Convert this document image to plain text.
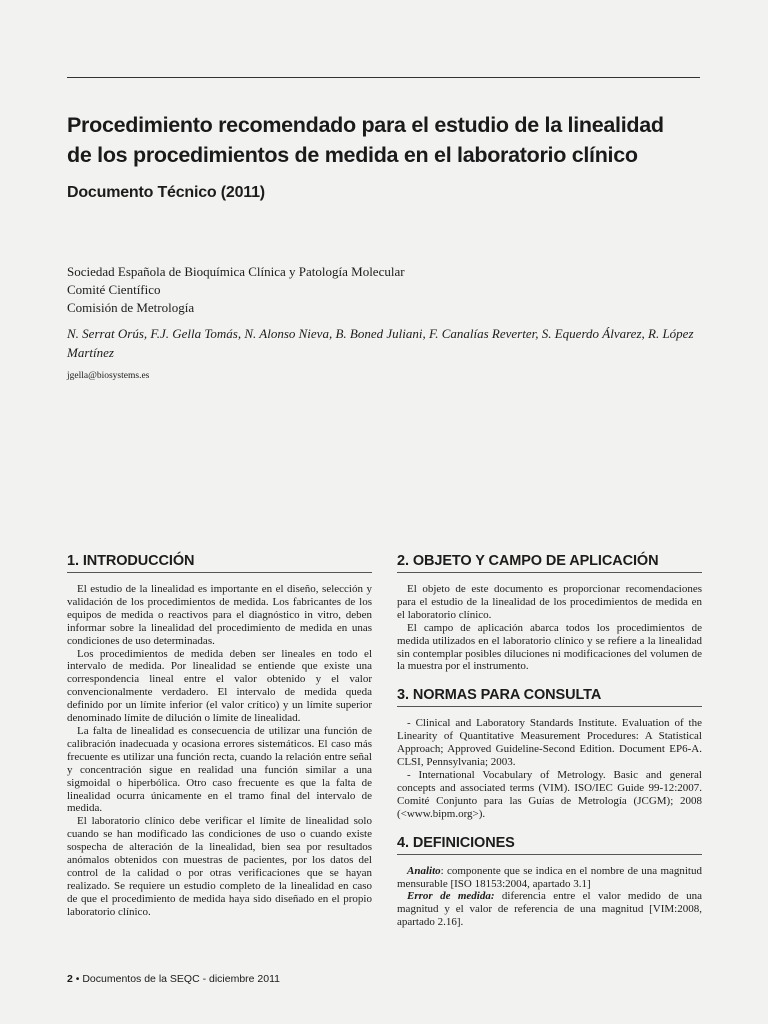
Procedimiento recomendado para el estudio de la linealidad
de los procedimientos de medida en el laboratorio clínico
Documento Técnico (2011)
Sociedad Española de Bioquímica Clínica y Patología Molecular
Comité Científico
Comisión de Metrología
N. Serrat Orús, F.J. Gella Tomás, N. Alonso Nieva, B. Boned Juliani, F. Canalías Reverter, S. Equerdo Álvarez, R. López Martínez
jgella@biosystems.es
1. INTRODUCCIÓN

El estudio de la linealidad es importante en el diseño, selección y validación de los procedimientos de medida. Los fabricantes de los equipos de medida o reactivos para el diagnóstico in vitro, deben informar sobre la linealidad del procedimiento de medida en unas condiciones de uso determinadas.

Los procedimientos de medida deben ser lineales en todo el intervalo de medida. Por linealidad se entiende que existe una correspondencia lineal entre el valor obtenido y el valor convencionalmente verdadero. El intervalo de medida queda definido por un límite inferior (el valor crítico) y un límite superior denominado límite de dilución o límite de linealidad.

La falta de linealidad es consecuencia de utilizar una función de calibración inadecuada y ocasiona errores sistemáticos. El caso más frecuente es utilizar una función recta, cuando la relación entre señal y concentración sigue en realidad una función similar a una sigmoidal o hiperbólica. Otro caso frecuente es que la falta de linealidad ocurra únicamente en el tramo final del intervalo de medida.

El laboratorio clínico debe verificar el límite de linealidad solo cuando se han modificado las condiciones de uso o cuando existe sospecha de alteración de la linealidad, bien sea por resultados anómalos obtenidos con muestras de pacientes, por los datos del control de la calidad o por otras verificaciones que se hayan realizado. Se requiere un estudio completo de la linealidad en caso de que el procedimiento de medida haya sido diseñado en el propio laboratorio clínico.

2. OBJETO Y CAMPO DE APLICACIÓN

El objeto de este documento es proporcionar recomendaciones para el estudio de la linealidad de los procedimientos de medida en el laboratorio clínico.

El campo de aplicación abarca todos los procedimientos de medida utilizados en el laboratorio clínico y se refiere a la linealidad sin contemplar posibles diluciones ni modificaciones del volumen de la muestra por el instrumento.

3. NORMAS PARA CONSULTA

- Clinical and Laboratory Standards Institute. Evaluation of the Linearity of Quantitative Measurement Procedures: A Statistical Approach; Approved Guideline-Second Edition. Document EP6-A. CLSI, Pennsylvania; 2003.

- International Vocabulary of Metrology. Basic and general concepts and associated terms (VIM). ISO/IEC Guide 99-12:2007. Comité Conjunto para las Guías de Metrología (JCGM); 2008 (<www.bipm.org>).

4. DEFINICIONES

Analito: componente que se indica en el nombre de una magnitud mensurable [ISO 18153:2004, apartado 3.1]

Error de medida: diferencia entre el valor medido de una magnitud y el valor de referencia de una magnitud [VIM:2008, apartado 2.16].

2 • Documentos de la SEQC - diciembre 2011
